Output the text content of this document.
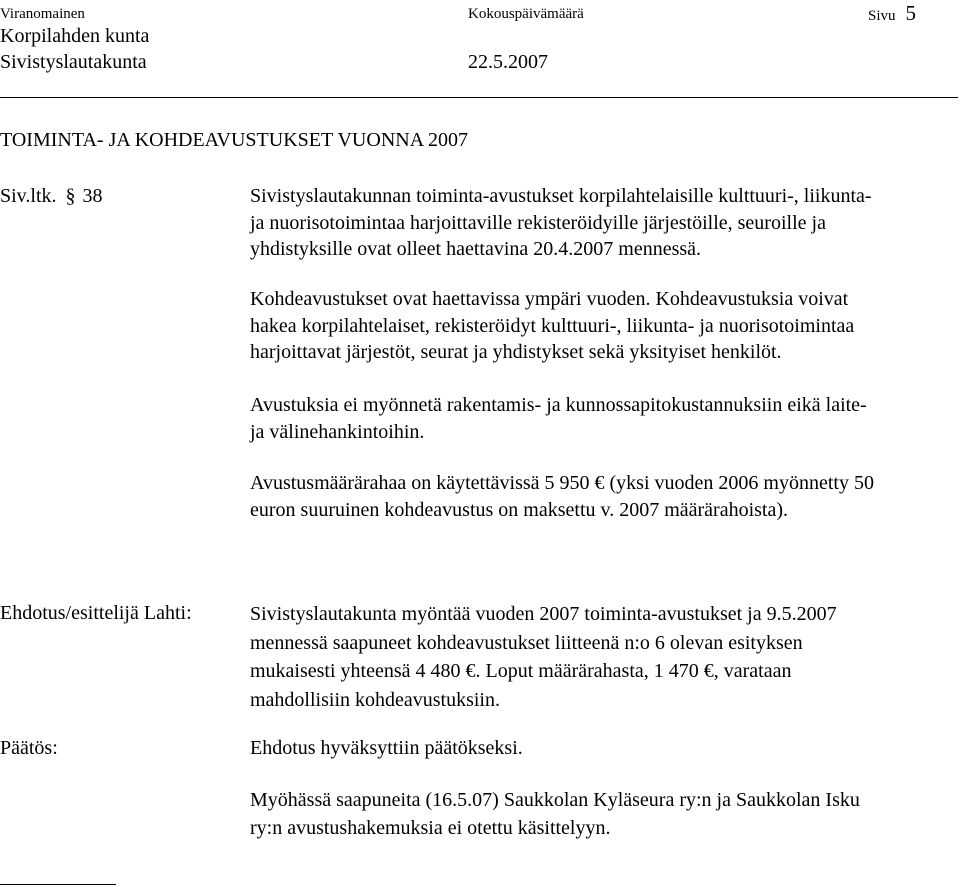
Viranomainen	Kokouspäivämäärä	Sivu 5
Korpilahden kunta
Sivistyslautakunta	22.5.2007
TOIMINTA- JA KOHDEAVUSTUKSET VUONNA 2007
Siv.ltk. § 38	Sivistyslautakunnan toiminta-avustukset korpilahtelaisille kulttuuri-, liikunta-
ja nuorisotoimintaa harjoittaville rekisteröidyille järjestöille, seuroille ja
yhdistyksille ovat olleet haettavina 20.4.2007 mennessä.
Kohdeavustukset ovat haettavissa ympäri vuoden. Kohdeavustuksia voivat
hakea korpilahtelaiset, rekisteröidyt kulttuuri-, liikunta- ja nuorisotoimintaa
harjoittavat järjestöt, seurat ja yhdistykset sekä yksityiset henkilöt.
Avustuksia ei myönnetä rakentamis- ja kunnossapitokustannuksiin eikä laite-
ja välinehankintoihin.
Avustusmäärärahaa on käytettävissä 5 950 € (yksi vuoden 2006 myönnetty 50
euron suuruinen kohdeavustus on maksettu v. 2007 määrärahoista).
Ehdotus/esittelijä Lahti:	Sivistyslautakunta myöntää vuoden 2007 toiminta-avustukset ja 9.5.2007
mennessä saapuneet kohdeavustukset liitteenä n:o 6 olevan esityksen
mukaisesti yhteensä 4 480 €. Loput määrärahasta, 1 470 €, varataan
mahdollisiin kohdeavustuksiin.
Päätös:	Ehdotus hyväksyttiin päätökseksi.
Myöhässä saapuneita (16.5.07) Saukkolan Kyläseura ry:n ja Saukkolan Isku
ry:n avustushakemuksia ei otettu käsittelyyn.
